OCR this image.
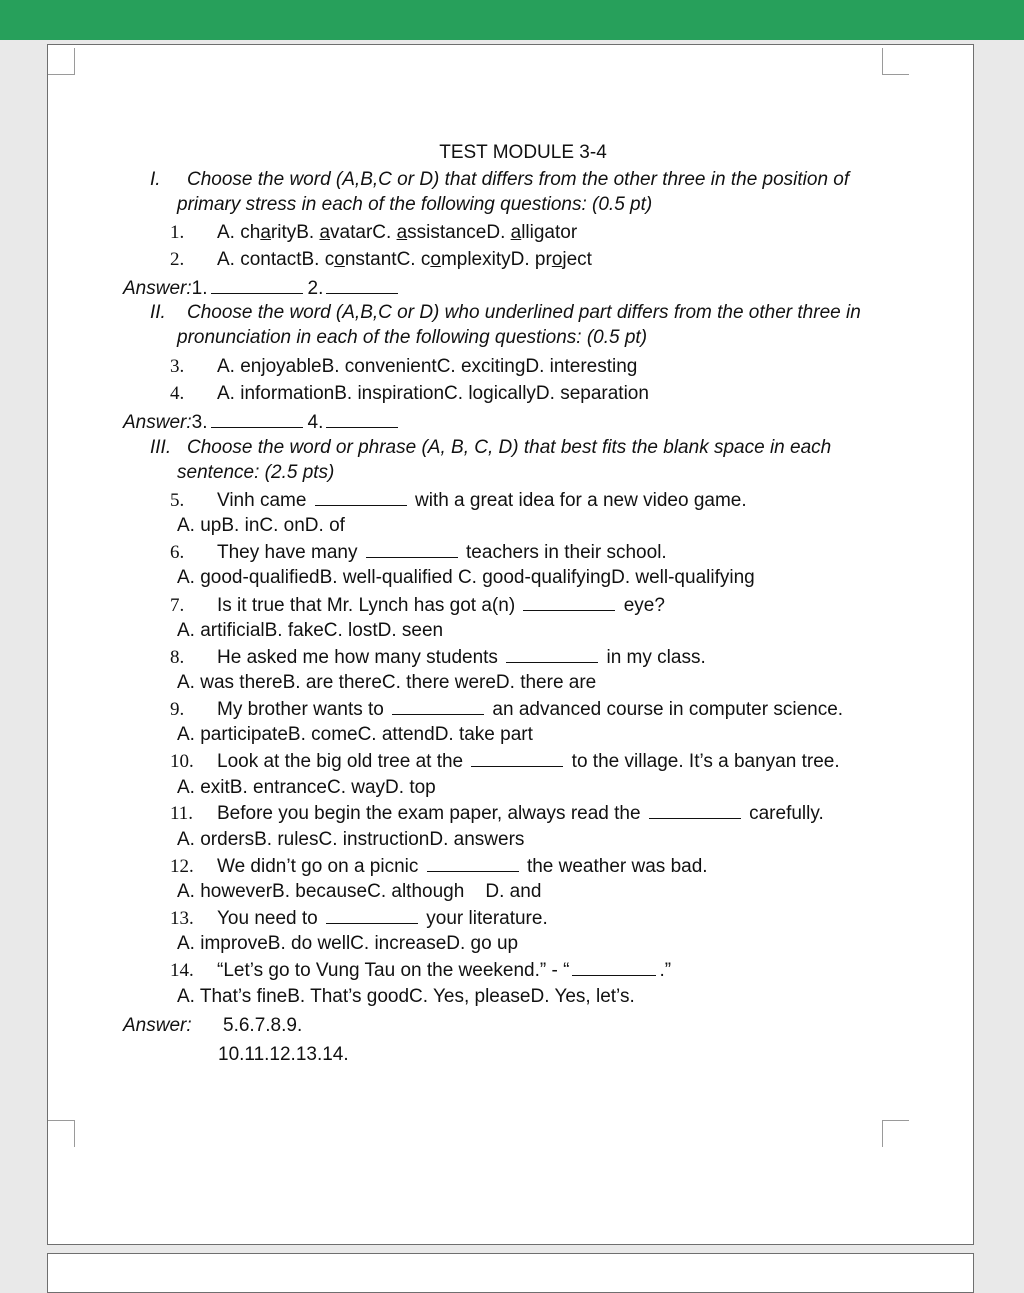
TEST MODULE 3-4
I. Choose the word (A,B,C or D) that differs from the other three in the position of
primary stress in each of the following questions: (0.5 pt)
1. A. charityB. avatarC. assistanceD. alligator
2. A. contactB. constantC. complexityD. project
Answer:1.	2.
II. Choose the word (A,B,C or D) who underlined part differs from the other three in
pronunciation in each of the following questions: (0.5 pt)
3. A. enjoyableB. convenientC. excitingD. interesting
4. A. informationB. inspirationC. logicallyD. separation
Answer:3.	4.
III. Choose the word or phrase (A, B, C, D) that best fits the blank space in each
sentence: (2.5 pts)
5. Vinh came	with a great idea for a new video game.
A. upB. inC. onD. of
6. They have many	teachers in their school.
A. good-qualifiedB. well-qualified C. good-qualifyingD. well-qualifying
7. Is it true that Mr. Lynch has got a(n)	eye?
A. artificialB. fakeC. lostD. seen
8. He asked me how many students	in my class.
A. was thereB. are thereC. there wereD. there are
9. My brother wants to	an advanced course in computer science.
A. participateB. comeC. attendD. take part
10. Look at the big old tree at the	to the village. It’s a banyan tree.
A. exitB. entranceC. wayD. top
11. Before you begin the exam paper, always read the	carefully.
A. ordersB. rulesC. instructionD. answers
12. We didn’t go on a picnic	the weather was bad.
A. howeverB. becauseC. although    D. and
13. You need to	your literature.
A. improveB. do wellC. increaseD. go up
14. “Let’s go to Vung Tau on the weekend.” - “	.”
A. That’s fineB. That’s goodC. Yes, pleaseD. Yes, let’s.
Answer: 5.6.7.8.9.
10.11.12.13.14.
